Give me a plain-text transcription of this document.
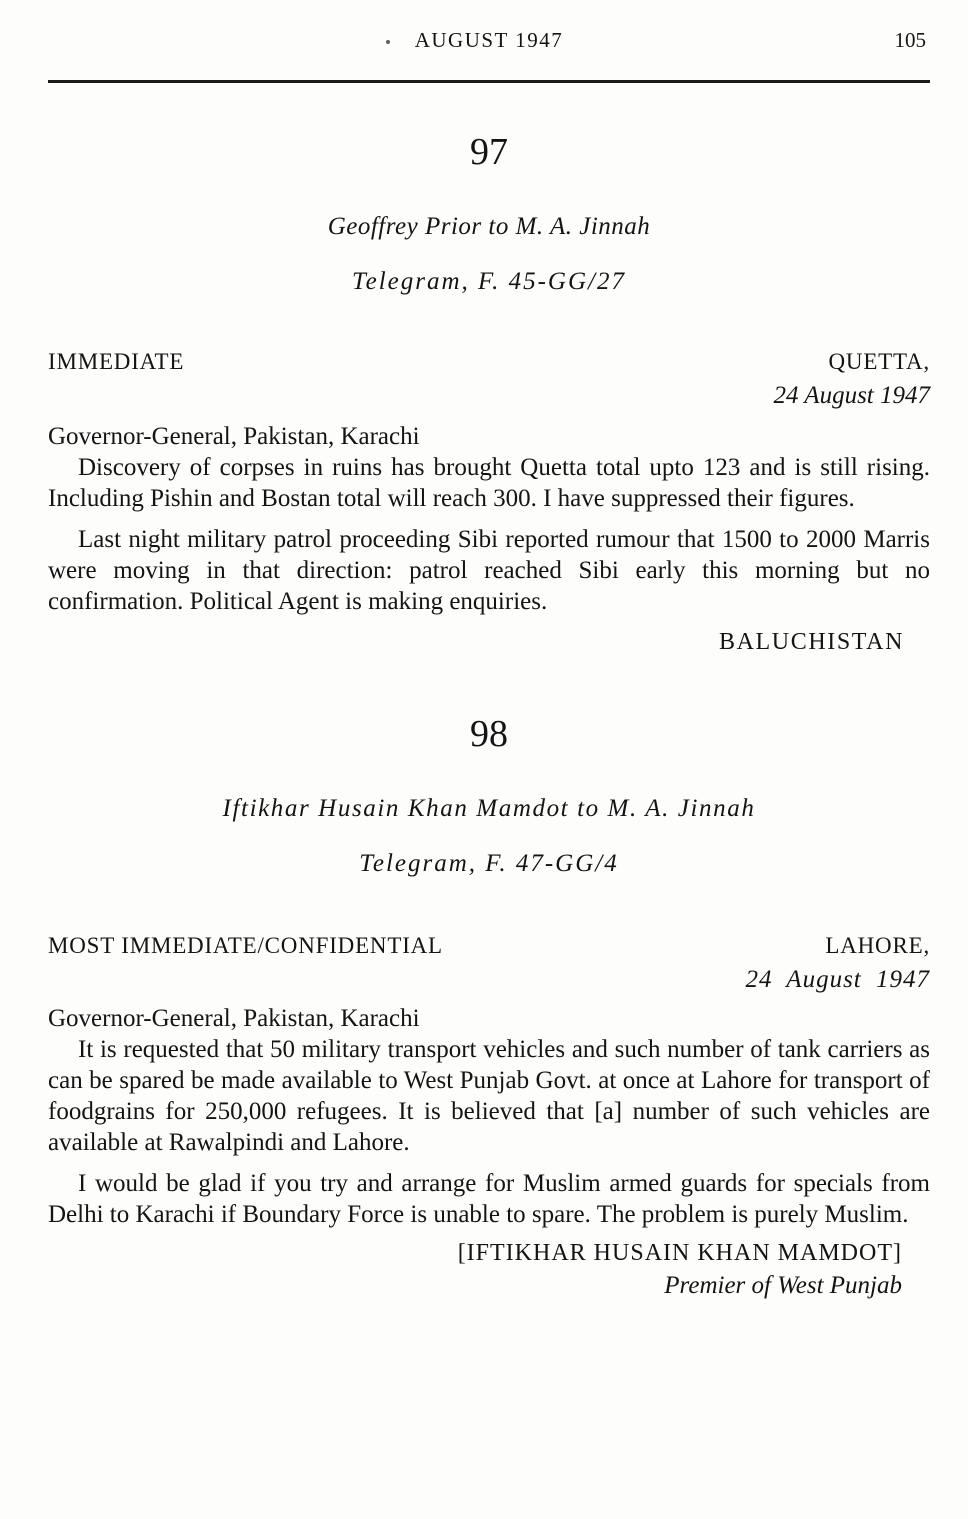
AUGUST 1947	105
97
Geoffrey Prior to M. A. Jinnah
Telegram, F. 45-GG/27
IMMEDIATE	QUETTA,
24 August 1947
Governor-General, Pakistan, Karachi

Discovery of corpses in ruins has brought Quetta total upto 123 and is still rising. Including Pishin and Bostan total will reach 300. I have suppressed their figures.

Last night military patrol proceeding Sibi reported rumour that 1500 to 2000 Marris were moving in that direction: patrol reached Sibi early this morning but no confirmation. Political Agent is making enquiries.

BALUCHISTAN
98
Iftikhar Husain Khan Mamdot to M. A. Jinnah
Telegram, F. 47-GG/4
MOST IMMEDIATE/CONFIDENTIAL	LAHORE,
24 August 1947
Governor-General, Pakistan, Karachi

It is requested that 50 military transport vehicles and such number of tank carriers as can be spared be made available to West Punjab Govt. at once at Lahore for transport of foodgrains for 250,000 refugees. It is believed that [a] number of such vehicles are available at Rawalpindi and Lahore.

I would be glad if you try and arrange for Muslim armed guards for specials from Delhi to Karachi if Boundary Force is unable to spare. The problem is purely Muslim.

[IFTIKHAR HUSAIN KHAN MAMDOT]
Premier of West Punjab
